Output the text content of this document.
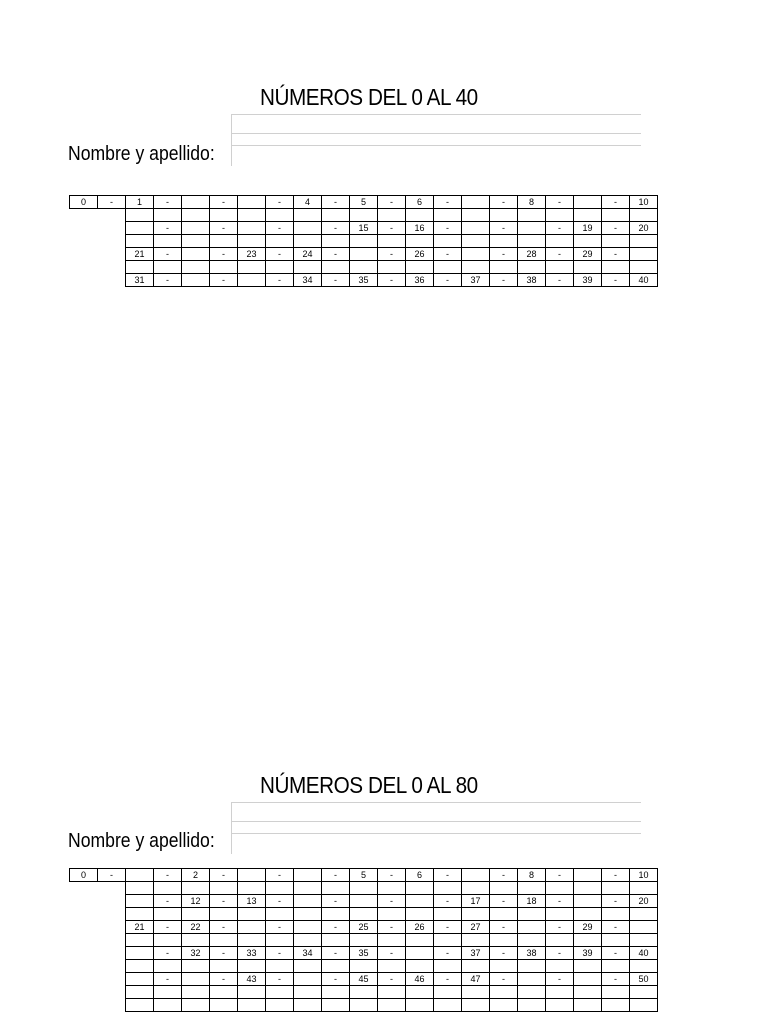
NÚMEROS DEL 0 AL 40
Nombre y apellido:
0	-	1	-		-		-	4	-	5	-	6	-		-	8	-		-	10

			-		-		-		-	15	-	16	-		-		-	19	-	20

		21	-		-	23	-	24	-		-	26	-		-	28	-	29	-	

		31	-		-		-	34	-	35	-	36	-	37	-	38	-	39	-	40
NÚMEROS DEL 0 AL 80
Nombre y apellido:
0	-		-	2	-		-		-	5	-	6	-		-	8	-		-	10

			-	12	-	13	-		-		-		-	17	-	18	-		-	20

		21	-	22	-		-		-	25	-	26	-	27	-		-	29	-	

			-	32	-	33	-	34	-	35	-		-	37	-	38	-	39	-	40

			-		-	43	-		-	45	-	46	-	47	-		-		-	50
